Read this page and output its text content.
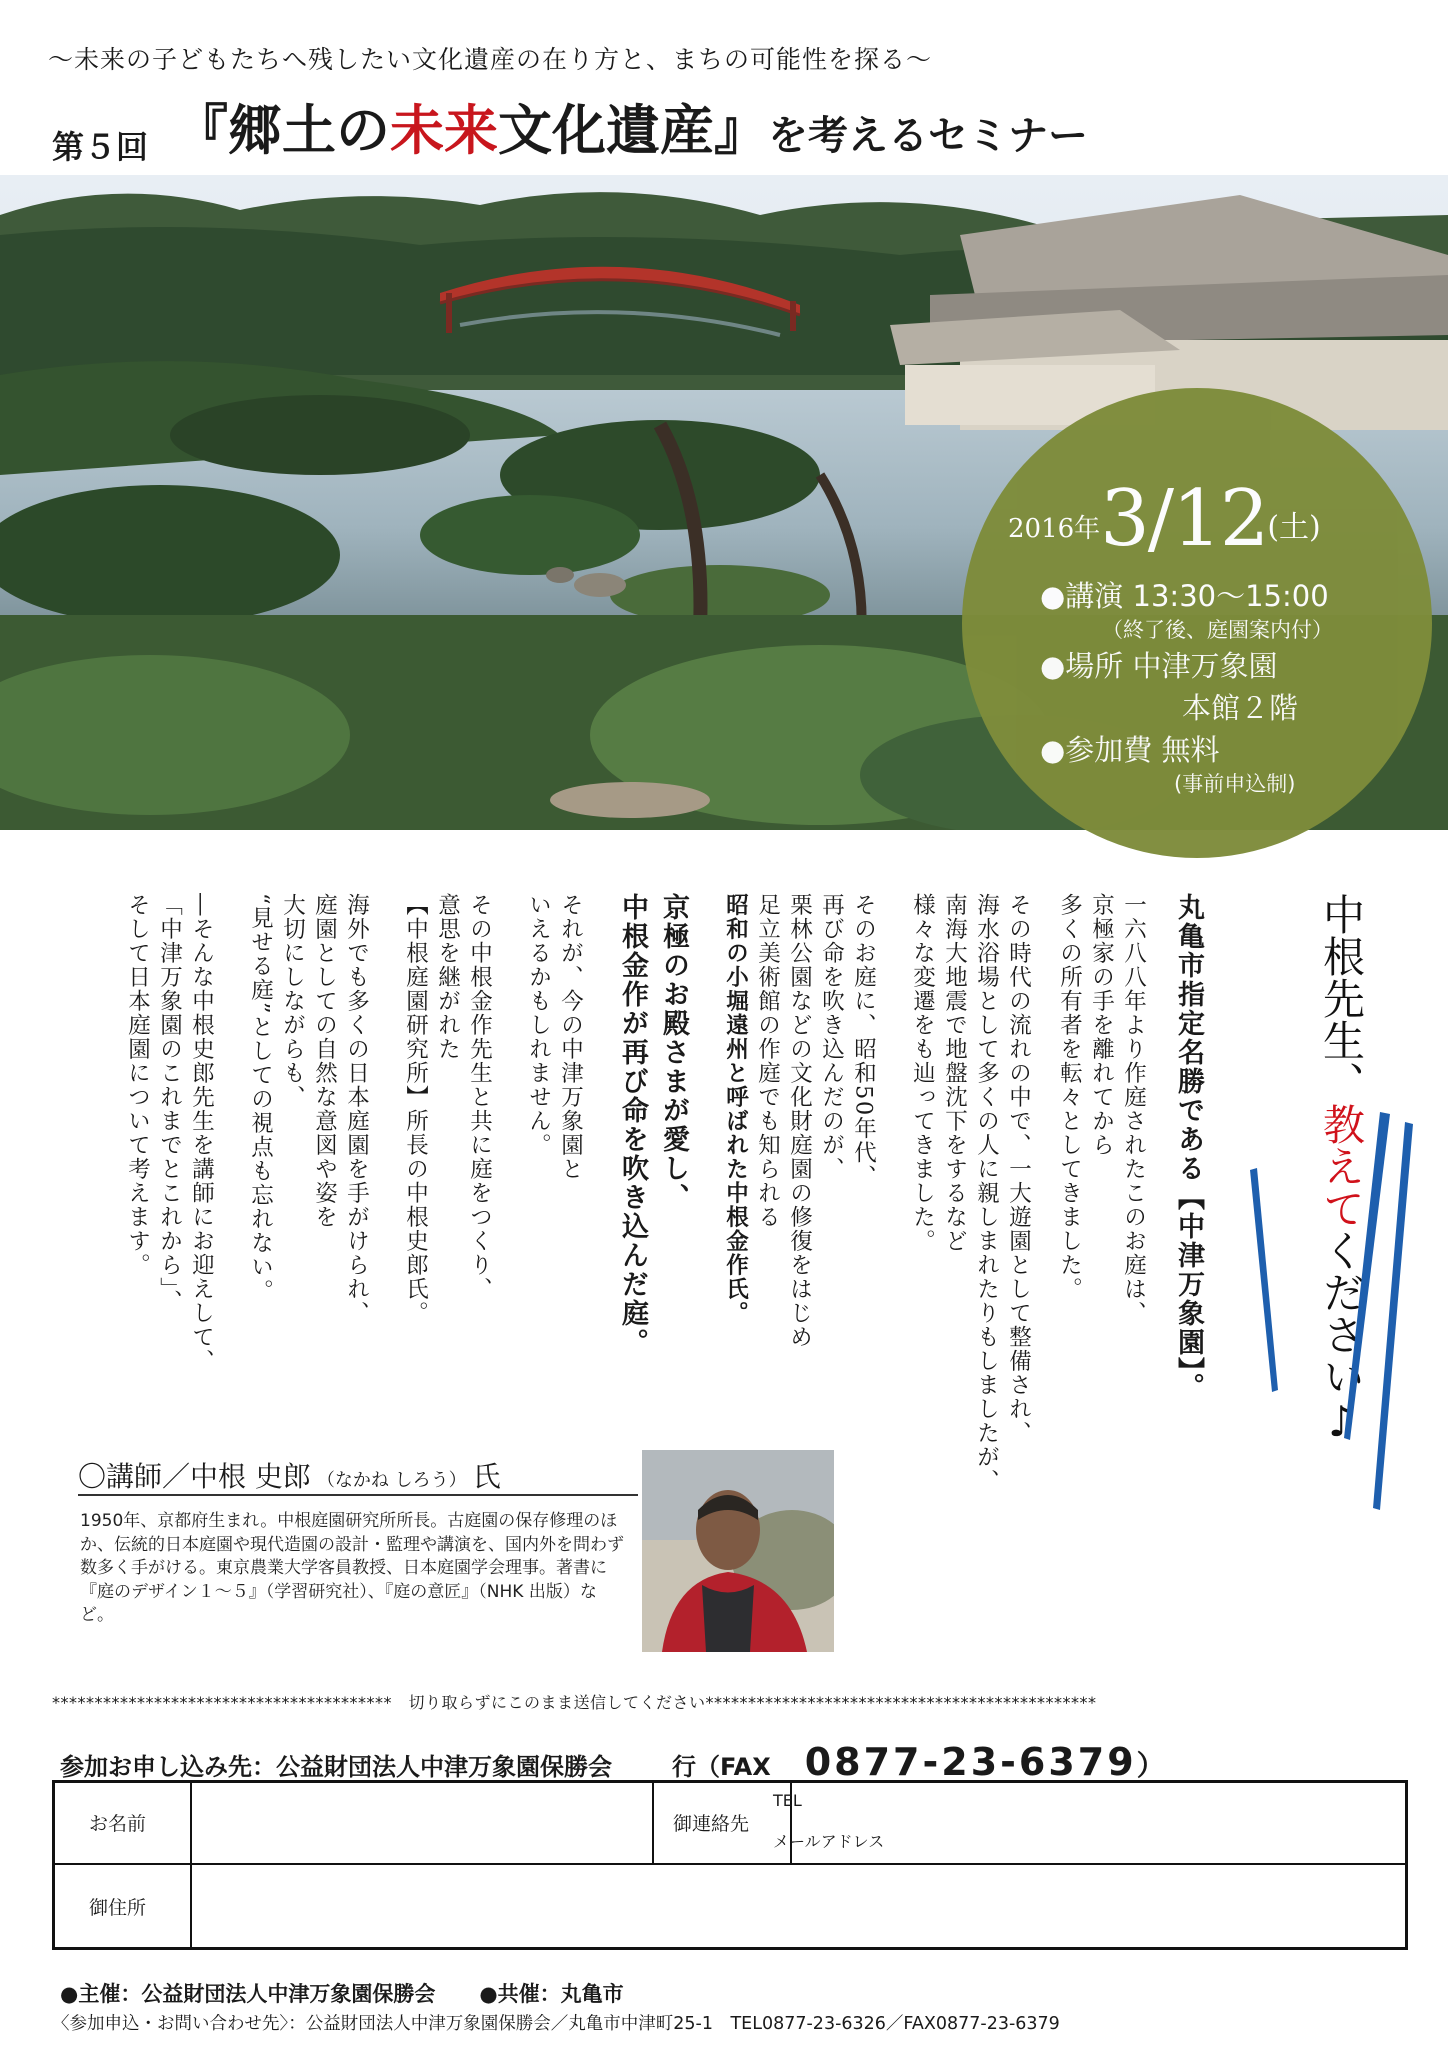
〜未来の子どもたちへ残したい文化遺産の在り方と、まちの可能性を探る〜
第５回 『郷土の未来文化遺産』を考えるセミナー
2016年3/12(土)
●講演 13:30〜15:00
（終了後、庭園案内付）
●場所 中津万象園
本館２階
●参加費 無料
(事前申込制)
中根先生、教えてください♪
丸亀市指定名勝である【中津万象園】。
一六八八年より作庭されたこのお庭は、
京極家の手を離れてから
多くの所有者を転々としてきました。
その時代の流れの中で、一大遊園として整備され、
海水浴場として多くの人に親しまれたりもしましたが、
南海大地震で地盤沈下をするなど
様々な変遷をも辿ってきました。
そのお庭に、昭和50年代、
再び命を吹き込んだのが、
栗林公園などの文化財庭園の修復をはじめ
足立美術館の作庭でも知られる
昭和の小堀遠州と呼ばれた中根金作氏。
京極のお殿さまが愛し、
中根金作が再び命を吹き込んだ庭。
それが、今の中津万象園と
いえるかもしれません。
その中根金作先生と共に庭をつくり、
意思を継がれた
【中根庭園研究所】所長の中根史郎氏。
海外でも多くの日本庭園を手がけられ、
庭園としての自然な意図や姿を
大切にしながらも、
“見せる庭”としての視点も忘れない。
―そんな中根史郎先生を講師にお迎えして、
「中津万象園のこれまでとこれから」、
そして日本庭園について考えます。
〇講師／中根 史郎 （なかね しろう） 氏
1950年、京都府生まれ。中根庭園研究所所長。古庭園の保存修理のほか、伝統的日本庭園や現代造園の設計・監理や講演を、国内外を問わず数多く手がける。東京農業大学客員教授、日本庭園学会理事。著書に『庭のデザイン１〜５』（学習研究社）、『庭の意匠』（NHK 出版）など。
****************************************　切り取らずにこのまま送信してください**********************************************
参加お申し込み先：公益財団法人中津万象園保勝会	行（FAX 0877-23-6379）
お名前	御連絡先
TEL
メールアドレス
御住所
●主催：公益財団法人中津万象園保勝会 ●共催：丸亀市
〈参加申込・お問い合わせ先〉：公益財団法人中津万象園保勝会／丸亀市中津町25-1　TEL0877-23-6326／FAX0877-23-6379
